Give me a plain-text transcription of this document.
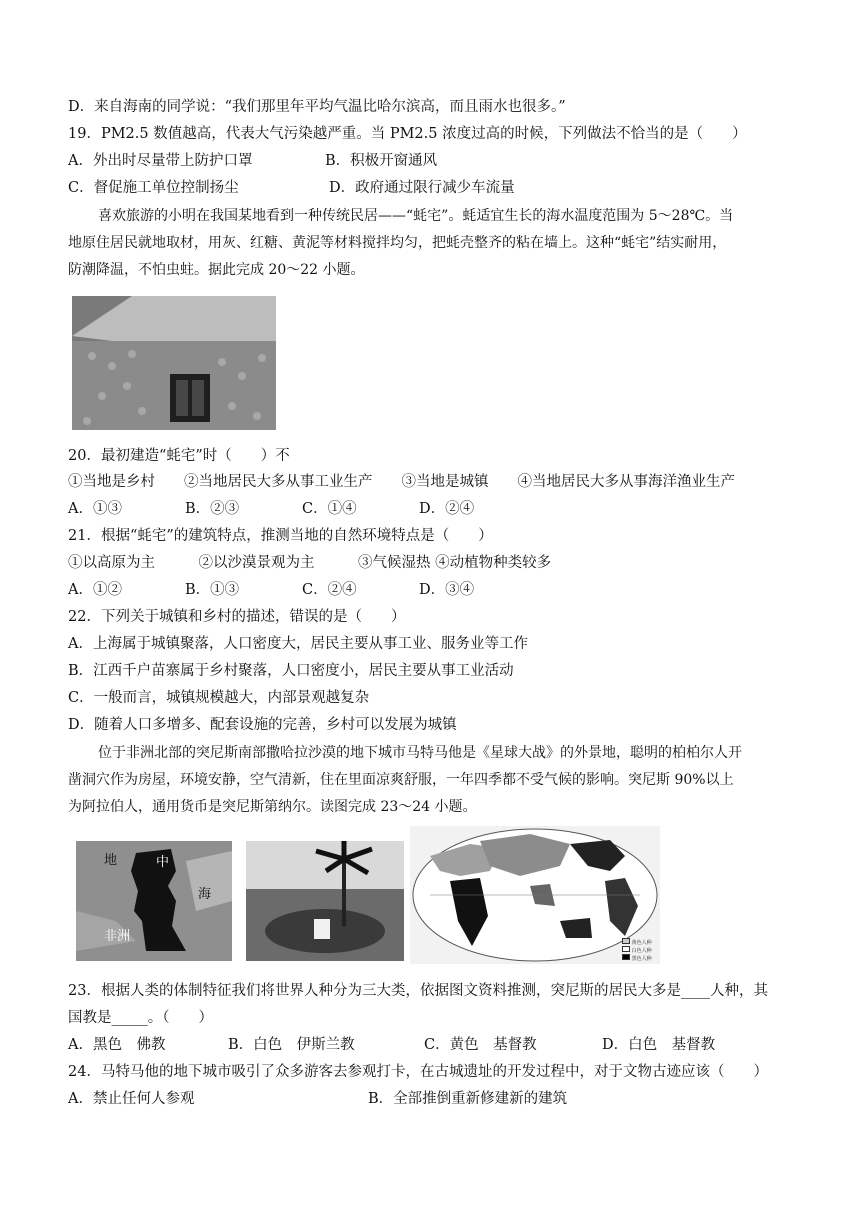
D．来自海南的同学说：“我们那里年平均气温比哈尔滨高，而且雨水也很多。”
19．PM2.5 数值越高，代表大气污染越严重。当 PM2.5 浓度过高的时候，下列做法不恰当的是（　　）
A．外出时尽量带上防护口罩	B．积极开窗通风
C．督促施工单位控制扬尘	D．政府通过限行减少车流量
喜欢旅游的小明在我国某地看到一种传统民居——“蚝宅”。蚝适宜生长的海水温度范围为 5～28℃。当
地原住居民就地取材，用灰、红糖、黄泥等材料搅拌均匀，把蚝壳整齐的粘在墙上。这种“蚝宅”结实耐用，
防潮降温，不怕虫蛀。据此完成 20～22 小题。
20．最初建造“蚝宅”时（　　）不
①当地是乡村　　②当地居民大多从事工业生产　　③当地是城镇　　④当地居民大多从事海洋渔业生产
A．①③	B．②③	C．①④	D．②④
21．根据“蚝宅”的建筑特点，推测当地的自然环境特点是（　　）
①以高原为主　　　②以沙漠景观为主　　　③气候湿热 ④动植物种类较多
A．①②	B．①③	C．②④	D．③④
22．下列关于城镇和乡村的描述，错误的是（　　）
A．上海属于城镇聚落，人口密度大，居民主要从事工业、服务业等工作
B．江西千户苗寨属于乡村聚落，人口密度小，居民主要从事工业活动
C．一般而言，城镇规模越大，内部景观越复杂
D．随着人口多增多、配套设施的完善，乡村可以发展为城镇
位于非洲北部的突尼斯南部撒哈拉沙漠的地下城市马特马他是《星球大战》的外景地，聪明的柏柏尔人开
凿洞穴作为房屋，环境安静，空气清新，住在里面凉爽舒服，一年四季都不受气候的影响。突尼斯 90%以上
为阿拉伯人，通用货币是突尼斯第纳尔。读图完成 23～24 小题。
地	中
海
非洲	黄色人种
白色人种
黑色人种
23．根据人类的体制特征我们将世界人种分为三大类，依据图文资料推测，突尼斯的居民大多是____人种，其
国教是_____。（　　）
A．黑色　佛教	B．白色　伊斯兰教	C．黄色　基督教	D．白色　基督教
24．马特马他的地下城市吸引了众多游客去参观打卡，在古城遗址的开发过程中，对于文物古迹应该（　　）
A．禁止任何人参观	B．全部推倒重新修建新的建筑
